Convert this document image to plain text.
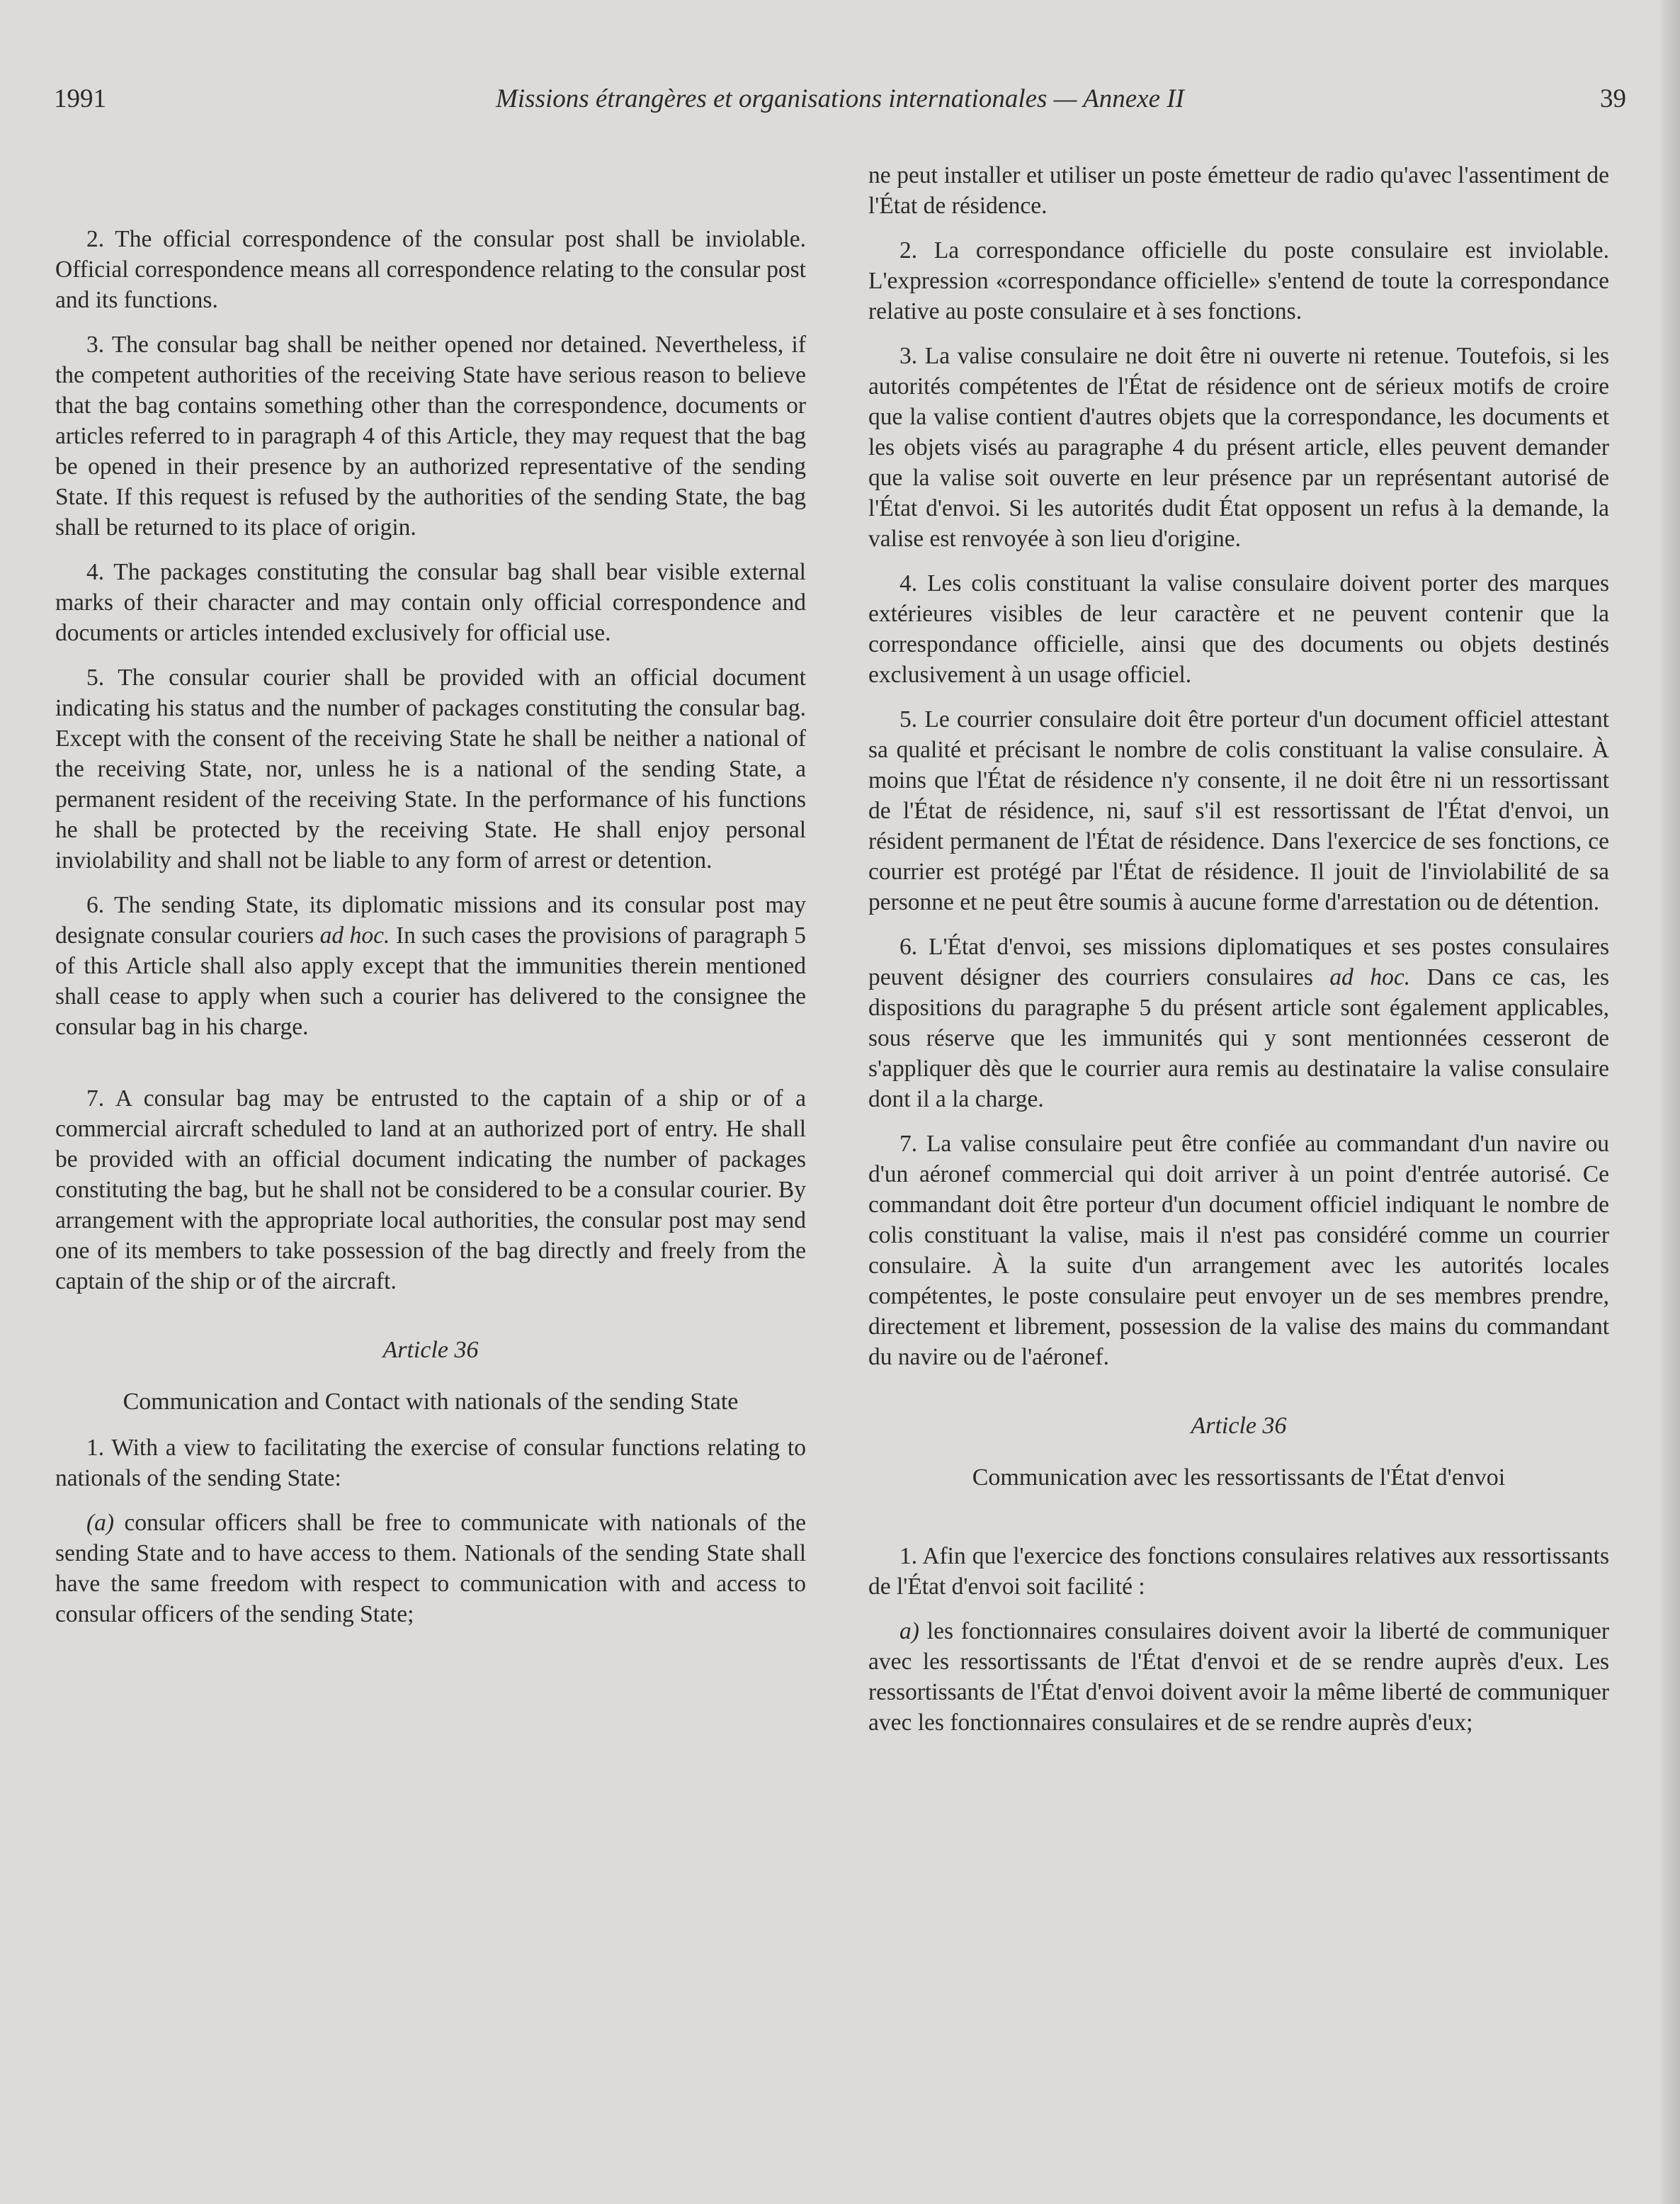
1991	Missions étrangères et organisations internationales — Annexe II	39

2. The official correspondence of the consular post shall be inviolable. Official correspondence means all correspondence relating to the consular post and its functions.

3. The consular bag shall be neither opened nor detained. Nevertheless, if the competent authorities of the receiving State have serious reason to believe that the bag contains something other than the correspondence, documents or articles referred to in paragraph 4 of this Article, they may request that the bag be opened in their presence by an authorized representative of the sending State. If this request is refused by the authorities of the sending State, the bag shall be returned to its place of origin.

4. The packages constituting the consular bag shall bear visible external marks of their character and may contain only official correspondence and documents or articles intended exclusively for official use.

5. The consular courier shall be provided with an official document indicating his status and the number of packages constituting the consular bag. Except with the consent of the receiving State he shall be neither a national of the receiving State, nor, unless he is a national of the sending State, a permanent resident of the receiving State. In the performance of his functions he shall be protected by the receiving State. He shall enjoy personal inviolability and shall not be liable to any form of arrest or detention.

6. The sending State, its diplomatic missions and its consular post may designate consular couriers ad hoc. In such cases the provisions of paragraph 5 of this Article shall also apply except that the immunities therein mentioned shall cease to apply when such a courier has delivered to the consignee the consular bag in his charge.

7. A consular bag may be entrusted to the captain of a ship or of a commercial aircraft scheduled to land at an authorized port of entry. He shall be provided with an official document indicating the number of packages constituting the bag, but he shall not be considered to be a consular courier. By arrangement with the appropriate local authorities, the consular post may send one of its members to take possession of the bag directly and freely from the captain of the ship or of the aircraft.

Article 36
Communication and Contact with nationals of the sending State

1. With a view to facilitating the exercise of consular functions relating to nationals of the sending State:

(a) consular officers shall be free to communicate with nationals of the sending State and to have access to them. Nationals of the sending State shall have the same freedom with respect to communication with and access to consular officers of the sending State;

ne peut installer et utiliser un poste émetteur de radio qu'avec l'assentiment de l'État de résidence.

2. La correspondance officielle du poste consulaire est inviolable. L'expression «correspondance officielle» s'entend de toute la correspondance relative au poste consulaire et à ses fonctions.

3. La valise consulaire ne doit être ni ouverte ni retenue. Toutefois, si les autorités compétentes de l'État de résidence ont de sérieux motifs de croire que la valise contient d'autres objets que la correspondance, les documents et les objets visés au paragraphe 4 du présent article, elles peuvent demander que la valise soit ouverte en leur présence par un représentant autorisé de l'État d'envoi. Si les autorités dudit État opposent un refus à la demande, la valise est renvoyée à son lieu d'origine.

4. Les colis constituant la valise consulaire doivent porter des marques extérieures visibles de leur caractère et ne peuvent contenir que la correspondance officielle, ainsi que des documents ou objets destinés exclusivement à un usage officiel.

5. Le courrier consulaire doit être porteur d'un document officiel attestant sa qualité et précisant le nombre de colis constituant la valise consulaire. À moins que l'État de résidence n'y consente, il ne doit être ni un ressortissant de l'État de résidence, ni, sauf s'il est ressortissant de l'État d'envoi, un résident permanent de l'État de résidence. Dans l'exercice de ses fonctions, ce courrier est protégé par l'État de résidence. Il jouit de l'inviolabilité de sa personne et ne peut être soumis à aucune forme d'arrestation ou de détention.

6. L'État d'envoi, ses missions diplomatiques et ses postes consulaires peuvent désigner des courriers consulaires ad hoc. Dans ce cas, les dispositions du paragraphe 5 du présent article sont également applicables, sous réserve que les immunités qui y sont mentionnées cesseront de s'appliquer dès que le courrier aura remis au destinataire la valise consulaire dont il a la charge.

7. La valise consulaire peut être confiée au commandant d'un navire ou d'un aéronef commercial qui doit arriver à un point d'entrée autorisé. Ce commandant doit être porteur d'un document officiel indiquant le nombre de colis constituant la valise, mais il n'est pas considéré comme un courrier consulaire. À la suite d'un arrangement avec les autorités locales compétentes, le poste consulaire peut envoyer un de ses membres prendre, directement et librement, possession de la valise des mains du commandant du navire ou de l'aéronef.

Article 36
Communication avec les ressortissants de l'État d'envoi

1. Afin que l'exercice des fonctions consulaires relatives aux ressortissants de l'État d'envoi soit facilité :

a) les fonctionnaires consulaires doivent avoir la liberté de communiquer avec les ressortissants de l'État d'envoi et de se rendre auprès d'eux. Les ressortissants de l'État d'envoi doivent avoir la même liberté de communiquer avec les fonctionnaires consulaires et de se rendre auprès d'eux;
